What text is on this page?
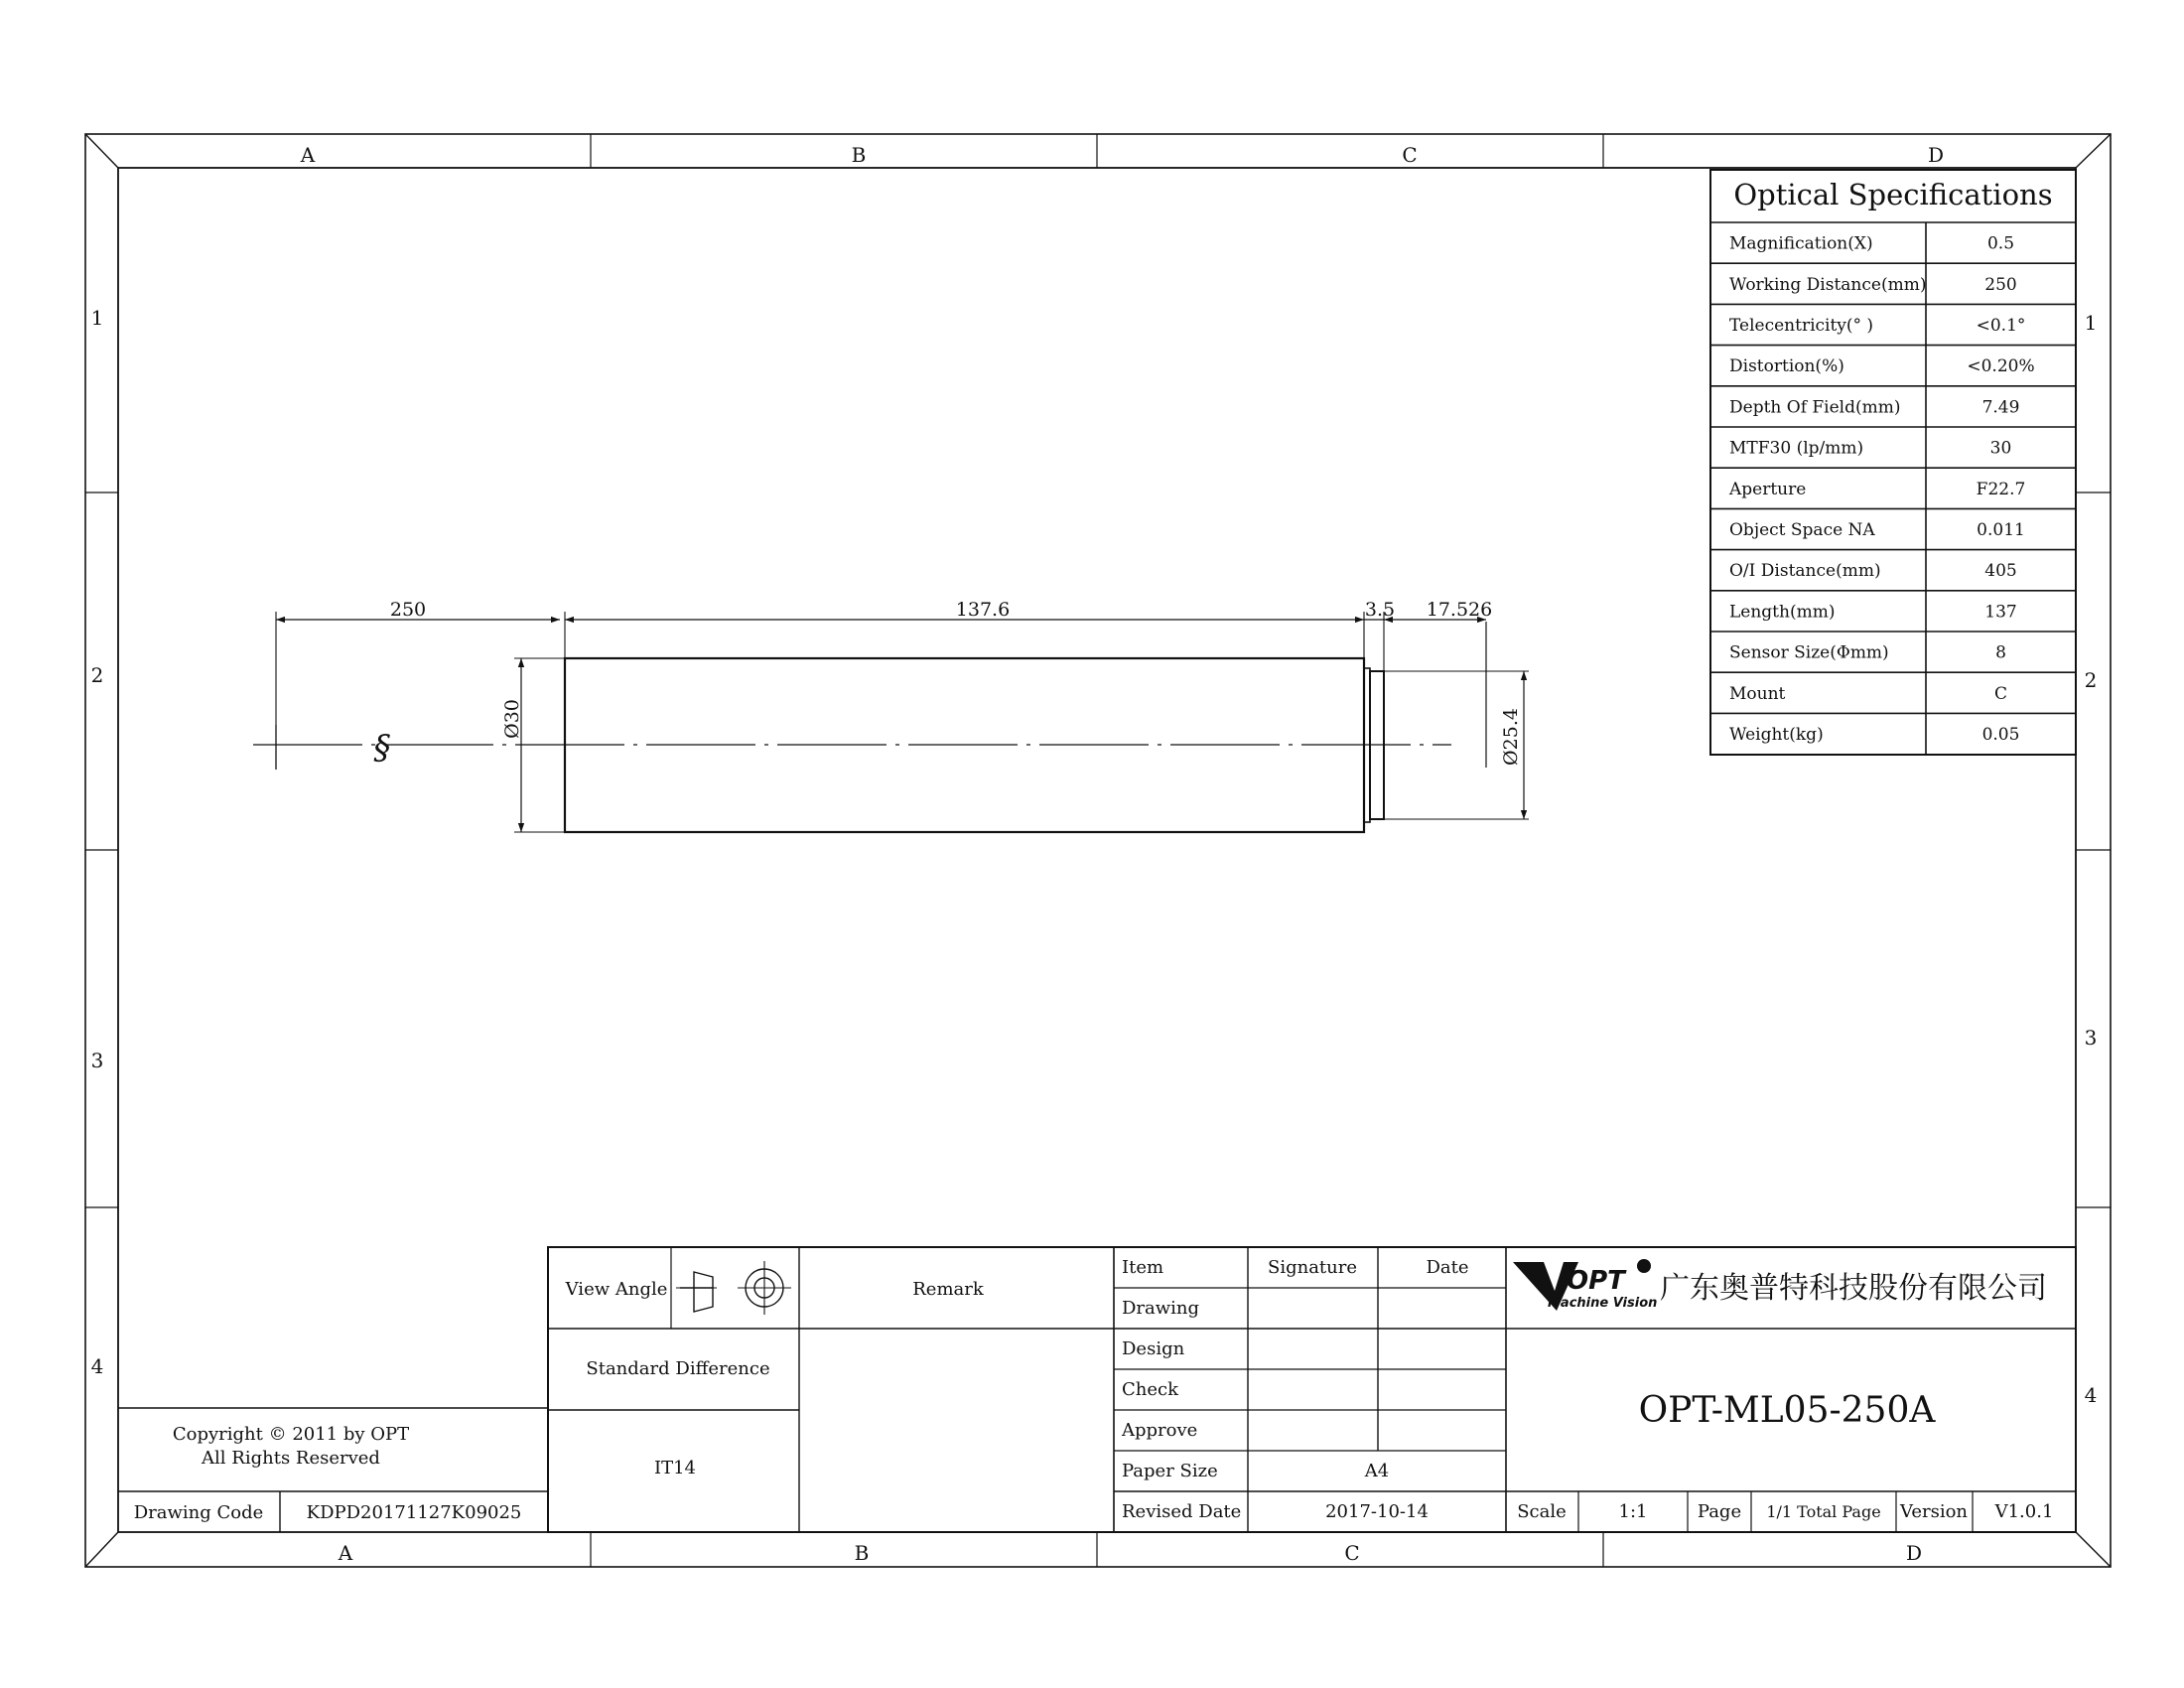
A	B	C	D
A	B	C	D
1
2
3
4
1
2
3
4
Optical Specifications
Magnification(X)	0.5
Working Distance(mm)	250
Telecentricity(° )	<0.1°
Distortion(%)	<0.20%
Depth Of Field(mm)	7.49
MTF30 (lp/mm)	30
Aperture	F22.7
Object Space NA	0.011
O/I Distance(mm)	405
Length(mm)	137
Sensor Size(Φmm)	8
Mount	C
Weight(kg)	0.05
§
250	137.6	3.5 17.526
Ø30	Ø25.4
Copyright © 2011 by OPT
All Rights Reserved
Drawing Code KDPD20171127K09025
View Angle	Remark
Standard Difference
IT14
Item	Signature	Date
Drawing
Design
Check
Approve
Paper Size	A4
Revised Date	2017-10-14
OPT
Machine Vision 广东奥普特科技股份有限公司
OPT-ML05-250A
Scale	1:1	Page 1/1 Total Page Version V1.0.1
